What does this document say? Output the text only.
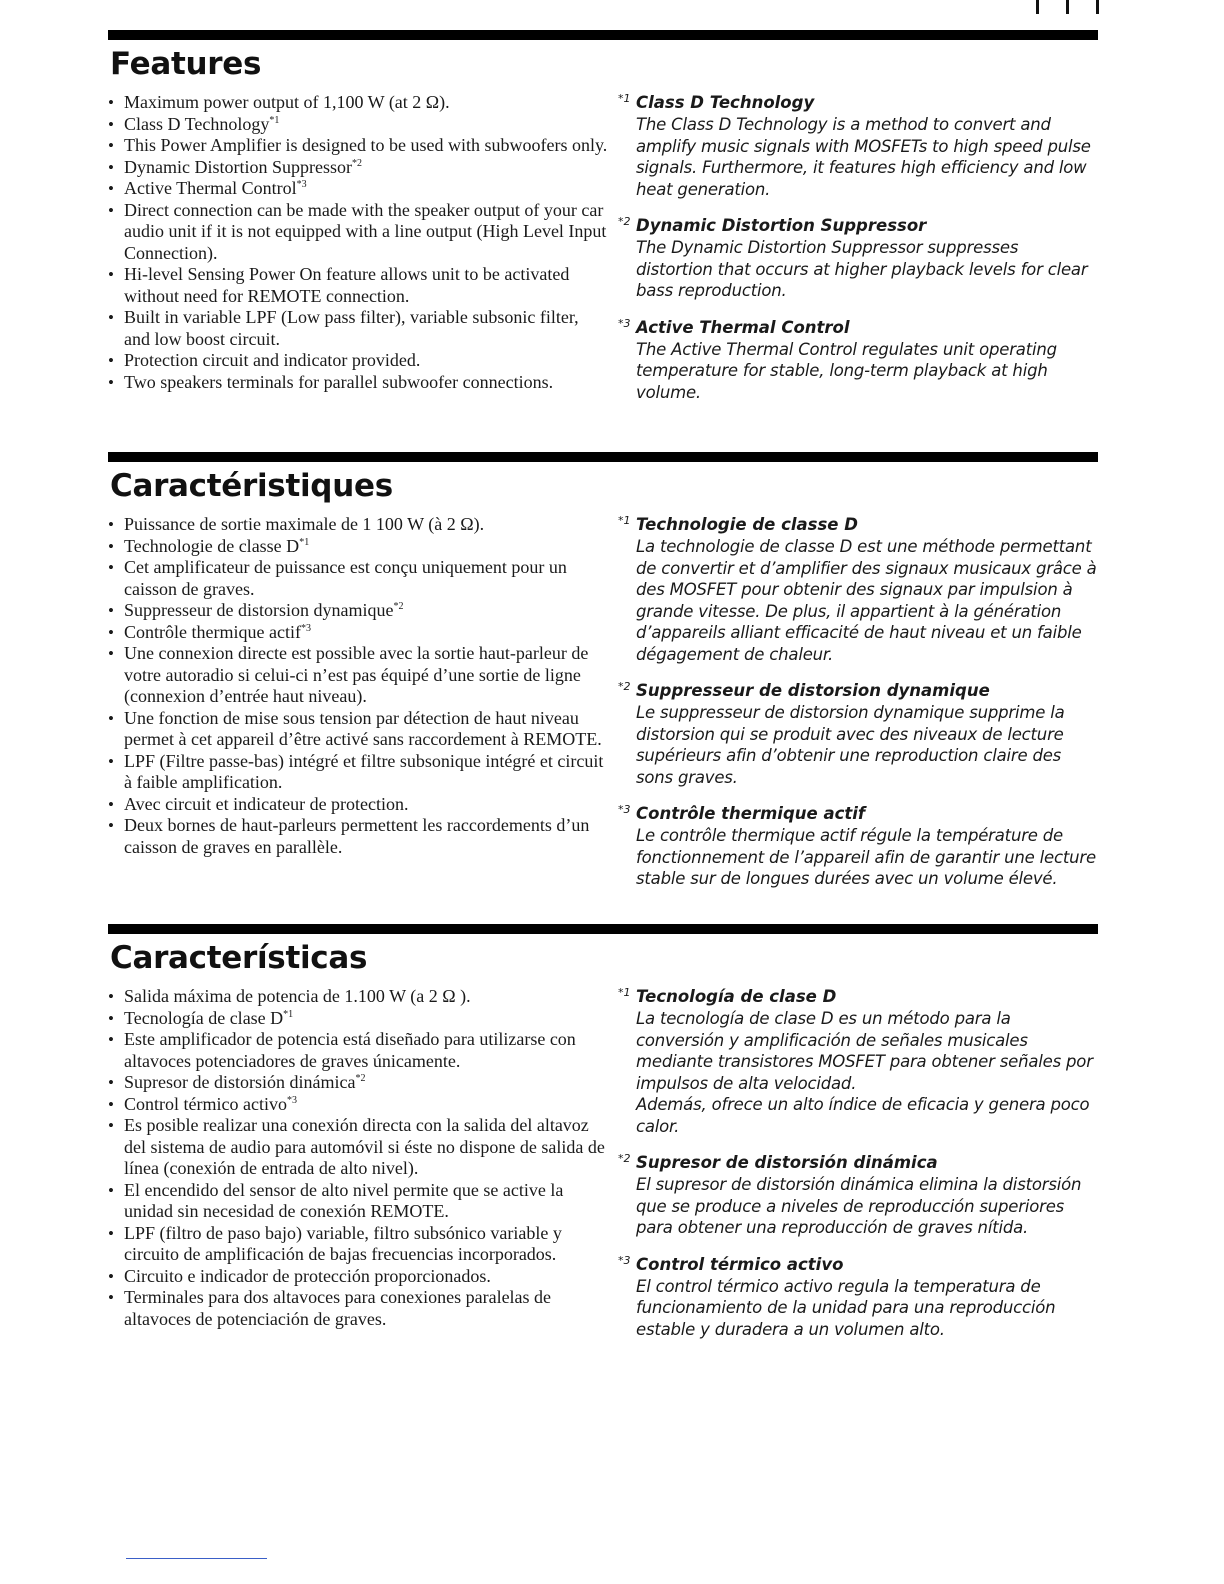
Features
• Maximum power output of 1,100 W (at 2 Ω).
• Class D Technology$^{*1}$
• This Power Amplifier is designed to be used with subwoofers only.
• Dynamic Distortion Suppressor$^{*2}$
• Active Thermal Control$^{*3}$
• Direct connection can be made with the speaker output of your car audio unit if it is not equipped with a line output (High Level Input Connection).
• Hi-level Sensing Power On feature allows unit to be activated without need for REMOTE connection.
• Built in variable LPF (Low pass filter), variable subsonic filter, and low boost circuit.
• Protection circuit and indicator provided.
• Two speakers terminals for parallel subwoofer connections.
*1 Class D Technology
The Class D Technology is a method to convert and amplify music signals with MOSFETs to high speed pulse signals. Furthermore, it features high efficiency and low heat generation.
*2 Dynamic Distortion Suppressor
The Dynamic Distortion Suppressor suppresses distortion that occurs at higher playback levels for clear bass reproduction.
*3 Active Thermal Control
The Active Thermal Control regulates unit operating temperature for stable, long-term playback at high volume.
Caractéristiques
• Puissance de sortie maximale de 1 100 W (à 2 Ω).
• Technologie de classe D$^{*1}$
• Cet amplificateur de puissance est conçu uniquement pour un caisson de graves.
• Suppresseur de distorsion dynamique$^{*2}$
• Contrôle thermique actif$^{*3}$
• Une connexion directe est possible avec la sortie haut-parleur de votre autoradio si celui-ci n’est pas équipé d’une sortie de ligne (connexion d’entrée haut niveau).
• Une fonction de mise sous tension par détection de haut niveau permet à cet appareil d’être activé sans raccordement à REMOTE.
• LPF (Filtre passe-bas) intégré et filtre subsonique intégré et circuit à faible amplification.
• Avec circuit et indicateur de protection.
• Deux bornes de haut-parleurs permettent les raccordements d’un caisson de graves en parallèle.
*1 Technologie de classe D
La technologie de classe D est une méthode permettant de convertir et d’amplifier des signaux musicaux grâce à des MOSFET pour obtenir des signaux par impulsion à grande vitesse. De plus, il appartient à la génération d’appareils alliant efficacité de haut niveau et un faible dégagement de chaleur.
*2 Suppresseur de distorsion dynamique
Le suppresseur de distorsion dynamique supprime la distorsion qui se produit avec des niveaux de lecture supérieurs afin d’obtenir une reproduction claire des sons graves.
*3 Contrôle thermique actif
Le contrôle thermique actif régule la température de fonctionnement de l’appareil afin de garantir une lecture stable sur de longues durées avec un volume élevé.
Características
• Salida máxima de potencia de 1.100 W (a 2 Ω ).
• Tecnología de clase D$^{*1}$
• Este amplificador de potencia está diseñado para utilizarse con altavoces potenciadores de graves únicamente.
• Supresor de distorsión dinámica$^{*2}$
• Control térmico activo$^{*3}$
• Es posible realizar una conexión directa con la salida del altavoz del sistema de audio para automóvil si éste no dispone de salida de línea (conexión de entrada de alto nivel).
• El encendido del sensor de alto nivel permite que se active la unidad sin necesidad de conexión REMOTE.
• LPF (filtro de paso bajo) variable, filtro subsónico variable y circuito de amplificación de bajas frecuencias incorporados.
• Circuito e indicador de protección proporcionados.
• Terminales para dos altavoces para conexiones paralelas de altavoces de potenciación de graves.
*1 Tecnología de clase D
La tecnología de clase D es un método para la conversión y amplificación de señales musicales mediante transistores MOSFET para obtener señales por impulsos de alta velocidad.
Además, ofrece un alto índice de eficacia y genera poco calor.
*2 Supresor de distorsión dinámica
El supresor de distorsión dinámica elimina la distorsión que se produce a niveles de reproducción superiores para obtener una reproducción de graves nítida.
*3 Control térmico activo
El control térmico activo regula la temperatura de funcionamiento de la unidad para una reproducción estable y duradera a un volumen alto.
